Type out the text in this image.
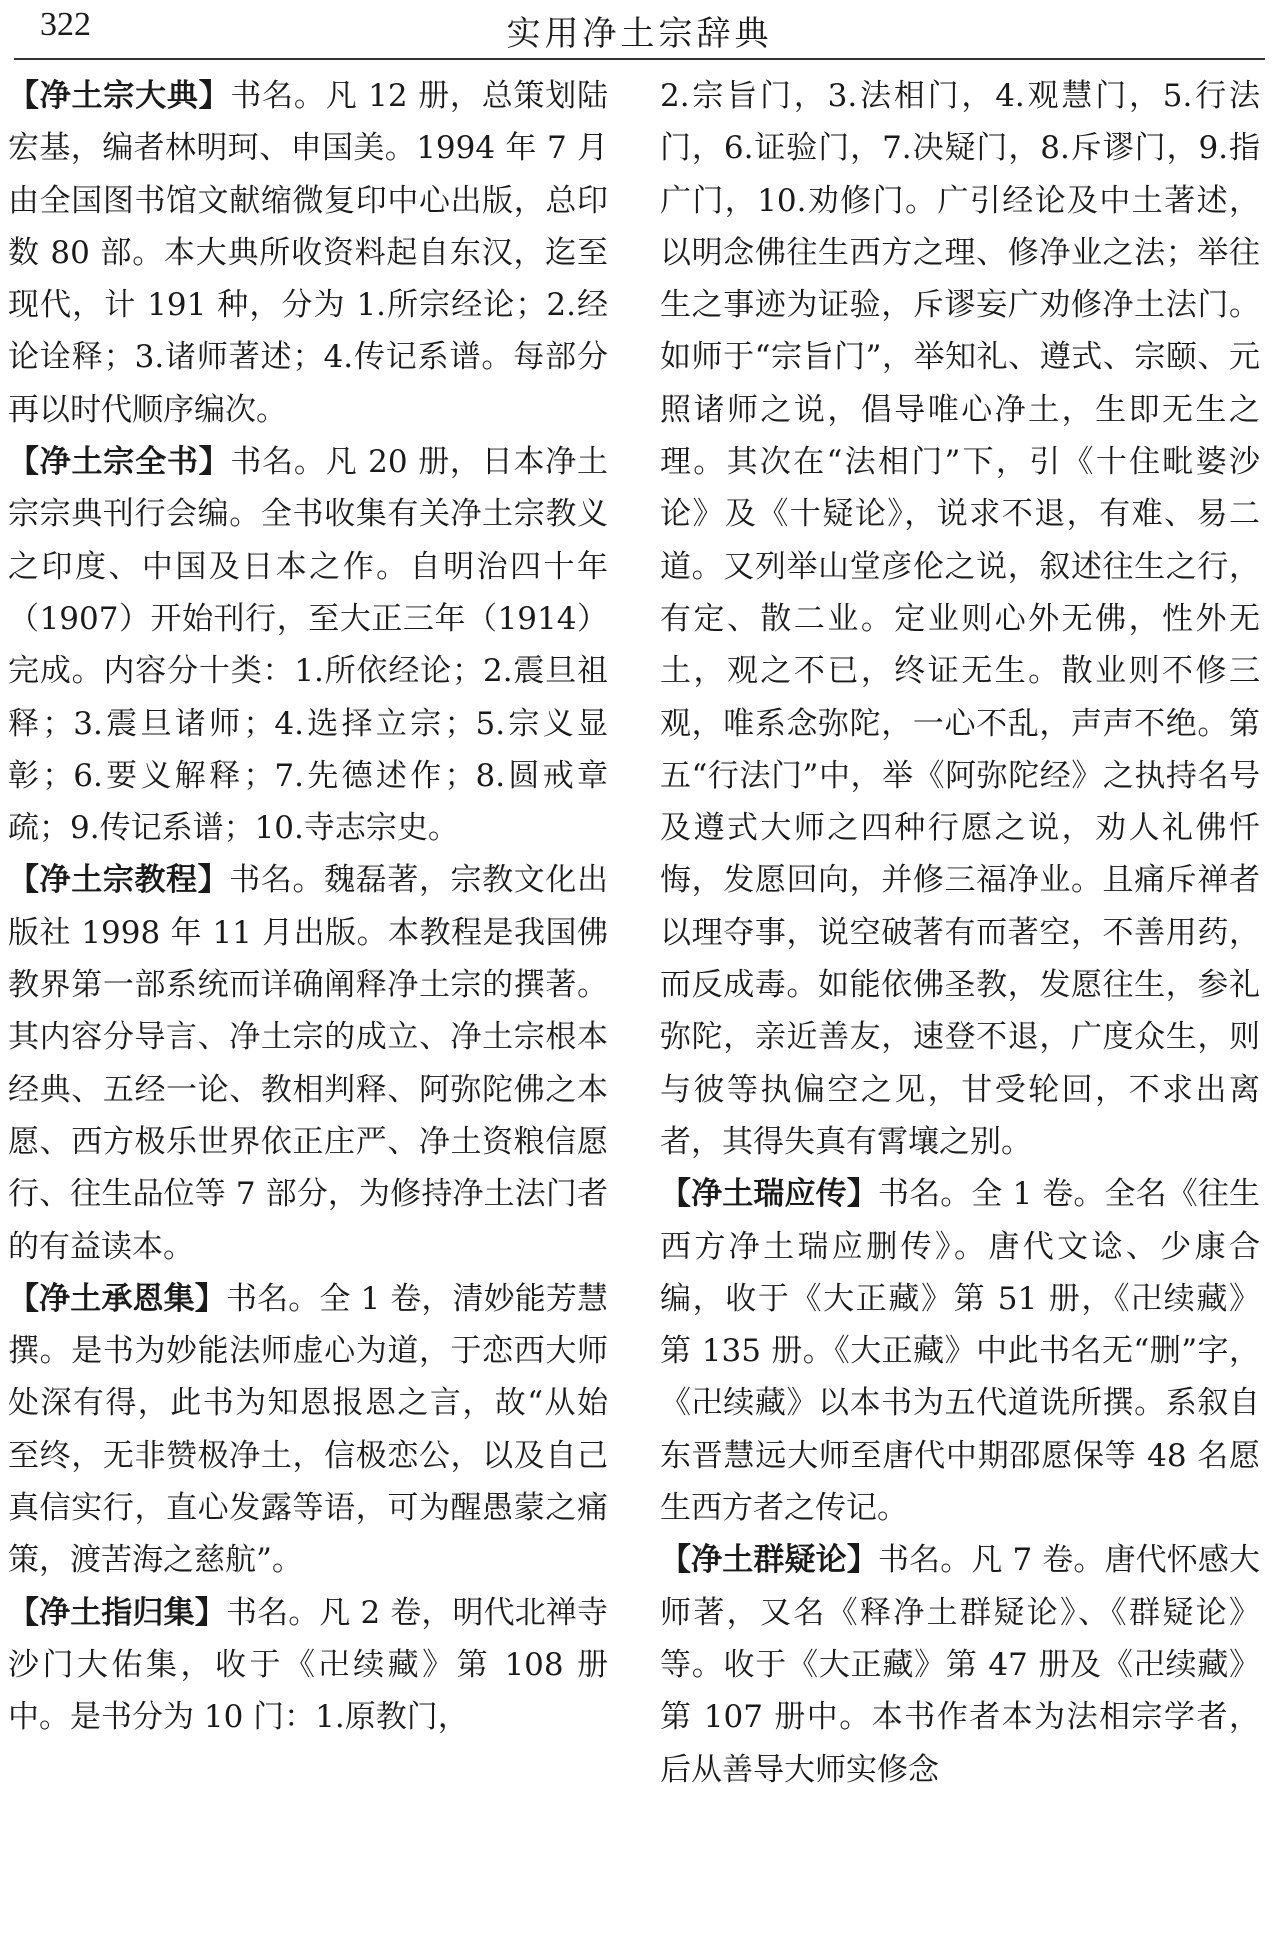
322	实用净土宗辞典

【净土宗大典】书名。凡 12 册，总策划陆宏基，编者林明珂、申国美。1994 年 7 月由全国图书馆文献缩微复印中心出版，总印数 80 部。本大典所收资料起自东汉，迄至现代，计 191 种，分为 1.所宗经论；2.经论诠释；3.诸师著述；4.传记系谱。每部分再以时代顺序编次。

【净土宗全书】书名。凡 20 册，日本净土宗宗典刊行会编。全书收集有关净土宗教义之印度、中国及日本之作。自明治四十年（1907）开始刊行，至大正三年（1914）完成。内容分十类：1.所依经论；2.震旦祖释；3.震旦诸师；4.选择立宗；5.宗义显彰；6.要义解释；7.先德述作；8.圆戒章疏；9.传记系谱；10.寺志宗史。

【净土宗教程】书名。魏磊著，宗教文化出版社 1998 年 11 月出版。本教程是我国佛教界第一部系统而详确阐释净土宗的撰著。其内容分导言、净土宗的成立、净土宗根本经典、五经一论、教相判释、阿弥陀佛之本愿、西方极乐世界依正庄严、净土资粮信愿行、往生品位等 7 部分，为修持净土法门者的有益读本。

【净土承恩集】书名。全 1 卷，清妙能芳慧撰。是书为妙能法师虚心为道，于恋西大师处深有得，此书为知恩报恩之言，故“从始至终，无非赞极净土，信极恋公，以及自己真信实行，直心发露等语，可为醒愚蒙之痛策，渡苦海之慈航”。

【净土指归集】书名。凡 2 卷，明代北禅寺沙门大佑集，收于《卍续藏》第 108 册中。是书分为 10 门：1.原教门，

2.宗旨门，3.法相门，4.观慧门，5.行法门，6.证验门，7.决疑门，8.斥谬门，9.指广门，10.劝修门。广引经论及中土著述，以明念佛往生西方之理、修净业之法；举往生之事迹为证验，斥谬妄广劝修净土法门。如师于“宗旨门”，举知礼、遵式、宗颐、元照诸师之说，倡导唯心净土，生即无生之理。其次在“法相门”下，引《十住毗婆沙论》及《十疑论》，说求不退，有难、易二道。又列举山堂彦伦之说，叙述往生之行，有定、散二业。定业则心外无佛，性外无土，观之不已，终证无生。散业则不修三观，唯系念弥陀，一心不乱，声声不绝。第五“行法门”中，举《阿弥陀经》之执持名号及遵式大师之四种行愿之说，劝人礼佛忏悔，发愿回向，并修三福净业。且痛斥禅者以理夺事，说空破著有而著空，不善用药，而反成毒。如能依佛圣教，发愿往生，参礼弥陀，亲近善友，速登不退，广度众生，则与彼等执偏空之见，甘受轮回，不求出离者，其得失真有霄壤之别。

【净土瑞应传】书名。全 1 卷。全名《往生西方净土瑞应删传》。唐代文谂、少康合编，收于《大正藏》第 51 册，《卍续藏》第 135 册。《大正藏》中此书名无“删”字，《卍续藏》以本书为五代道诜所撰。系叙自东晋慧远大师至唐代中期邵愿保等 48 名愿生西方者之传记。

【净土群疑论】书名。凡 7 卷。唐代怀感大师著，又名《释净土群疑论》、《群疑论》等。收于《大正藏》第 47 册及《卍续藏》第 107 册中。本书作者本为法相宗学者，后从善导大师实修念
